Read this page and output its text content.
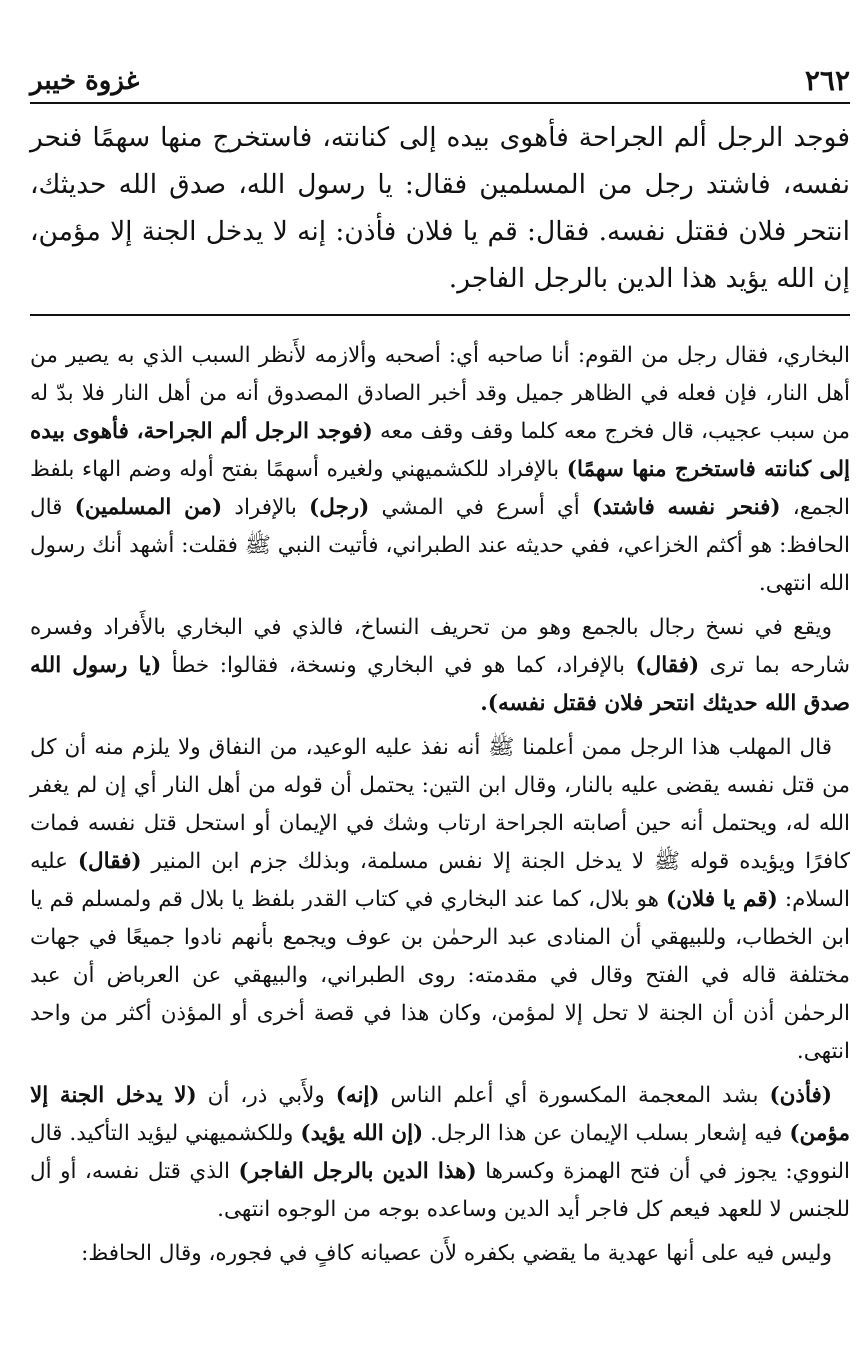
٢٦٢
غزوة خيبر
فوجد الرجل ألم الجراحة فأهوى بيده إلى كنانته، فاستخرج منها سهمًا فنحر نفسه، فاشتد رجل من المسلمين فقال: يا رسول الله، صدق الله حديثك، انتحر فلان فقتل نفسه. فقال: قم يا فلان فأذن: إنه لا يدخل الجنة إلا مؤمن، إن الله يؤيد هذا الدين بالرجل الفاجر.

البخاري، فقال رجل من القوم: أنا صاحبه أي: أصحبه وألازمه لأَنظر السبب الذي به يصير من أهل النار، فإن فعله في الظاهر جميل وقد أخبر الصادق المصدوق أنه من أهل النار فلا بدّ له من سبب عجيب، قال فخرج معه كلما وقف وقف معه (فوجد الرجل ألم الجراحة، فأهوى بيده إلى كنانته فاستخرج منها سهمًا) بالإفراد للكشميهني ولغيره أسهمًا بفتح أوله وضم الهاء بلفظ الجمع، (فنحر نفسه فاشتد) أي أسرع في المشي (رجل) بالإفراد (من المسلمين) قال الحافظ: هو أكثم الخزاعي، ففي حديثه عند الطبراني، فأتيت النبي ﷺ فقلت: أشهد أنك رسول الله انتهى.

ويقع في نسخ رجال بالجمع وهو من تحريف النساخ، فالذي في البخاري بالأَفراد وفسره شارحه بما ترى (فقال) بالإفراد، كما هو في البخاري ونسخة، فقالوا: خطأ (يا رسول الله صدق الله حديثك انتحر فلان فقتل نفسه).

قال المهلب هذا الرجل ممن أعلمنا ﷺ أنه نفذ عليه الوعيد، من النفاق ولا يلزم منه أن كل من قتل نفسه يقضى عليه بالنار، وقال ابن التين: يحتمل أن قوله من أهل النار أي إن لم يغفر الله له، ويحتمل أنه حين أصابته الجراحة ارتاب وشك في الإيمان أو استحل قتل نفسه فمات كافرًا ويؤيده قوله ﷺ لا يدخل الجنة إلا نفس مسلمة، وبذلك جزم ابن المنير (فقال) عليه السلام: (قم يا فلان) هو بلال، كما عند البخاري في كتاب القدر بلفظ يا بلال قم ولمسلم قم يا ابن الخطاب، وللبيهقي أن المنادى عبد الرحمٰن بن عوف ويجمع بأنهم نادوا جميعًا في جهات مختلفة قاله في الفتح وقال في مقدمته: روى الطبراني، والبيهقي عن العرباض أن عبد الرحمٰن أذن أن الجنة لا تحل إلا لمؤمن، وكان هذا في قصة أخرى أو المؤذن أكثر من واحد انتهى.

(فأذن) بشد المعجمة المكسورة أي أعلم الناس (إنه) ولأَبي ذر، أن (لا يدخل الجنة إلا مؤمن) فيه إشعار بسلب الإيمان عن هذا الرجل. (إن الله يؤيد) وللكشميهني ليؤيد التأكيد. قال النووي: يجوز في أن فتح الهمزة وكسرها (هذا الدين بالرجل الفاجر) الذي قتل نفسه، أو أل للجنس لا للعهد فيعم كل فاجر أيد الدين وساعده بوجه من الوجوه انتهى.

وليس فيه على أنها عهدية ما يقضي بكفره لأَن عصيانه كافٍ في فجوره، وقال الحافظ:
